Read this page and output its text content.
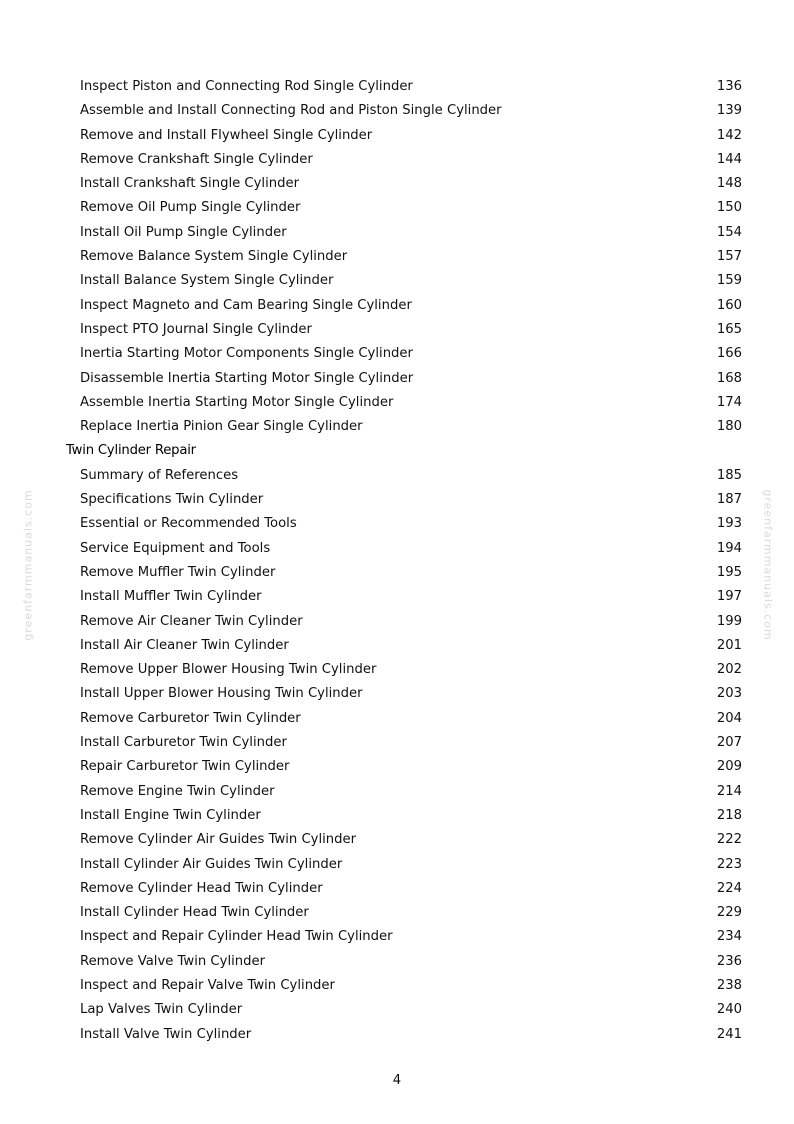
greenfarmmanuals.com	greenfarmmanuals.com
Inspect Piston and Connecting Rod Single Cylinder	136
Assemble and Install Connecting Rod and Piston Single Cylinder	139
Remove and Install Flywheel Single Cylinder	142
Remove Crankshaft Single Cylinder	144
Install Crankshaft Single Cylinder	148
Remove Oil Pump Single Cylinder	150
Install Oil Pump Single Cylinder	154
Remove Balance System Single Cylinder	157
Install Balance System Single Cylinder	159
Inspect Magneto and Cam Bearing Single Cylinder	160
Inspect PTO Journal Single Cylinder	165
Inertia Starting Motor Components Single Cylinder	166
Disassemble Inertia Starting Motor Single Cylinder	168
Assemble Inertia Starting Motor Single Cylinder	174
Replace Inertia Pinion Gear Single Cylinder	180
Twin Cylinder Repair
Summary of References	185
Specifications Twin Cylinder	187
Essential or Recommended Tools	193
Service Equipment and Tools	194
Remove Muffler Twin Cylinder	195
Install Muffler Twin Cylinder	197
Remove Air Cleaner Twin Cylinder	199
Install Air Cleaner Twin Cylinder	201
Remove Upper Blower Housing Twin Cylinder	202
Install Upper Blower Housing Twin Cylinder	203
Remove Carburetor Twin Cylinder	204
Install Carburetor Twin Cylinder	207
Repair Carburetor Twin Cylinder	209
Remove Engine Twin Cylinder	214
Install Engine Twin Cylinder	218
Remove Cylinder Air Guides Twin Cylinder	222
Install Cylinder Air Guides Twin Cylinder	223
Remove Cylinder Head Twin Cylinder	224
Install Cylinder Head Twin Cylinder	229
Inspect and Repair Cylinder Head Twin Cylinder	234
Remove Valve Twin Cylinder	236
Inspect and Repair Valve Twin Cylinder	238
Lap Valves Twin Cylinder	240
Install Valve Twin Cylinder	241
4
